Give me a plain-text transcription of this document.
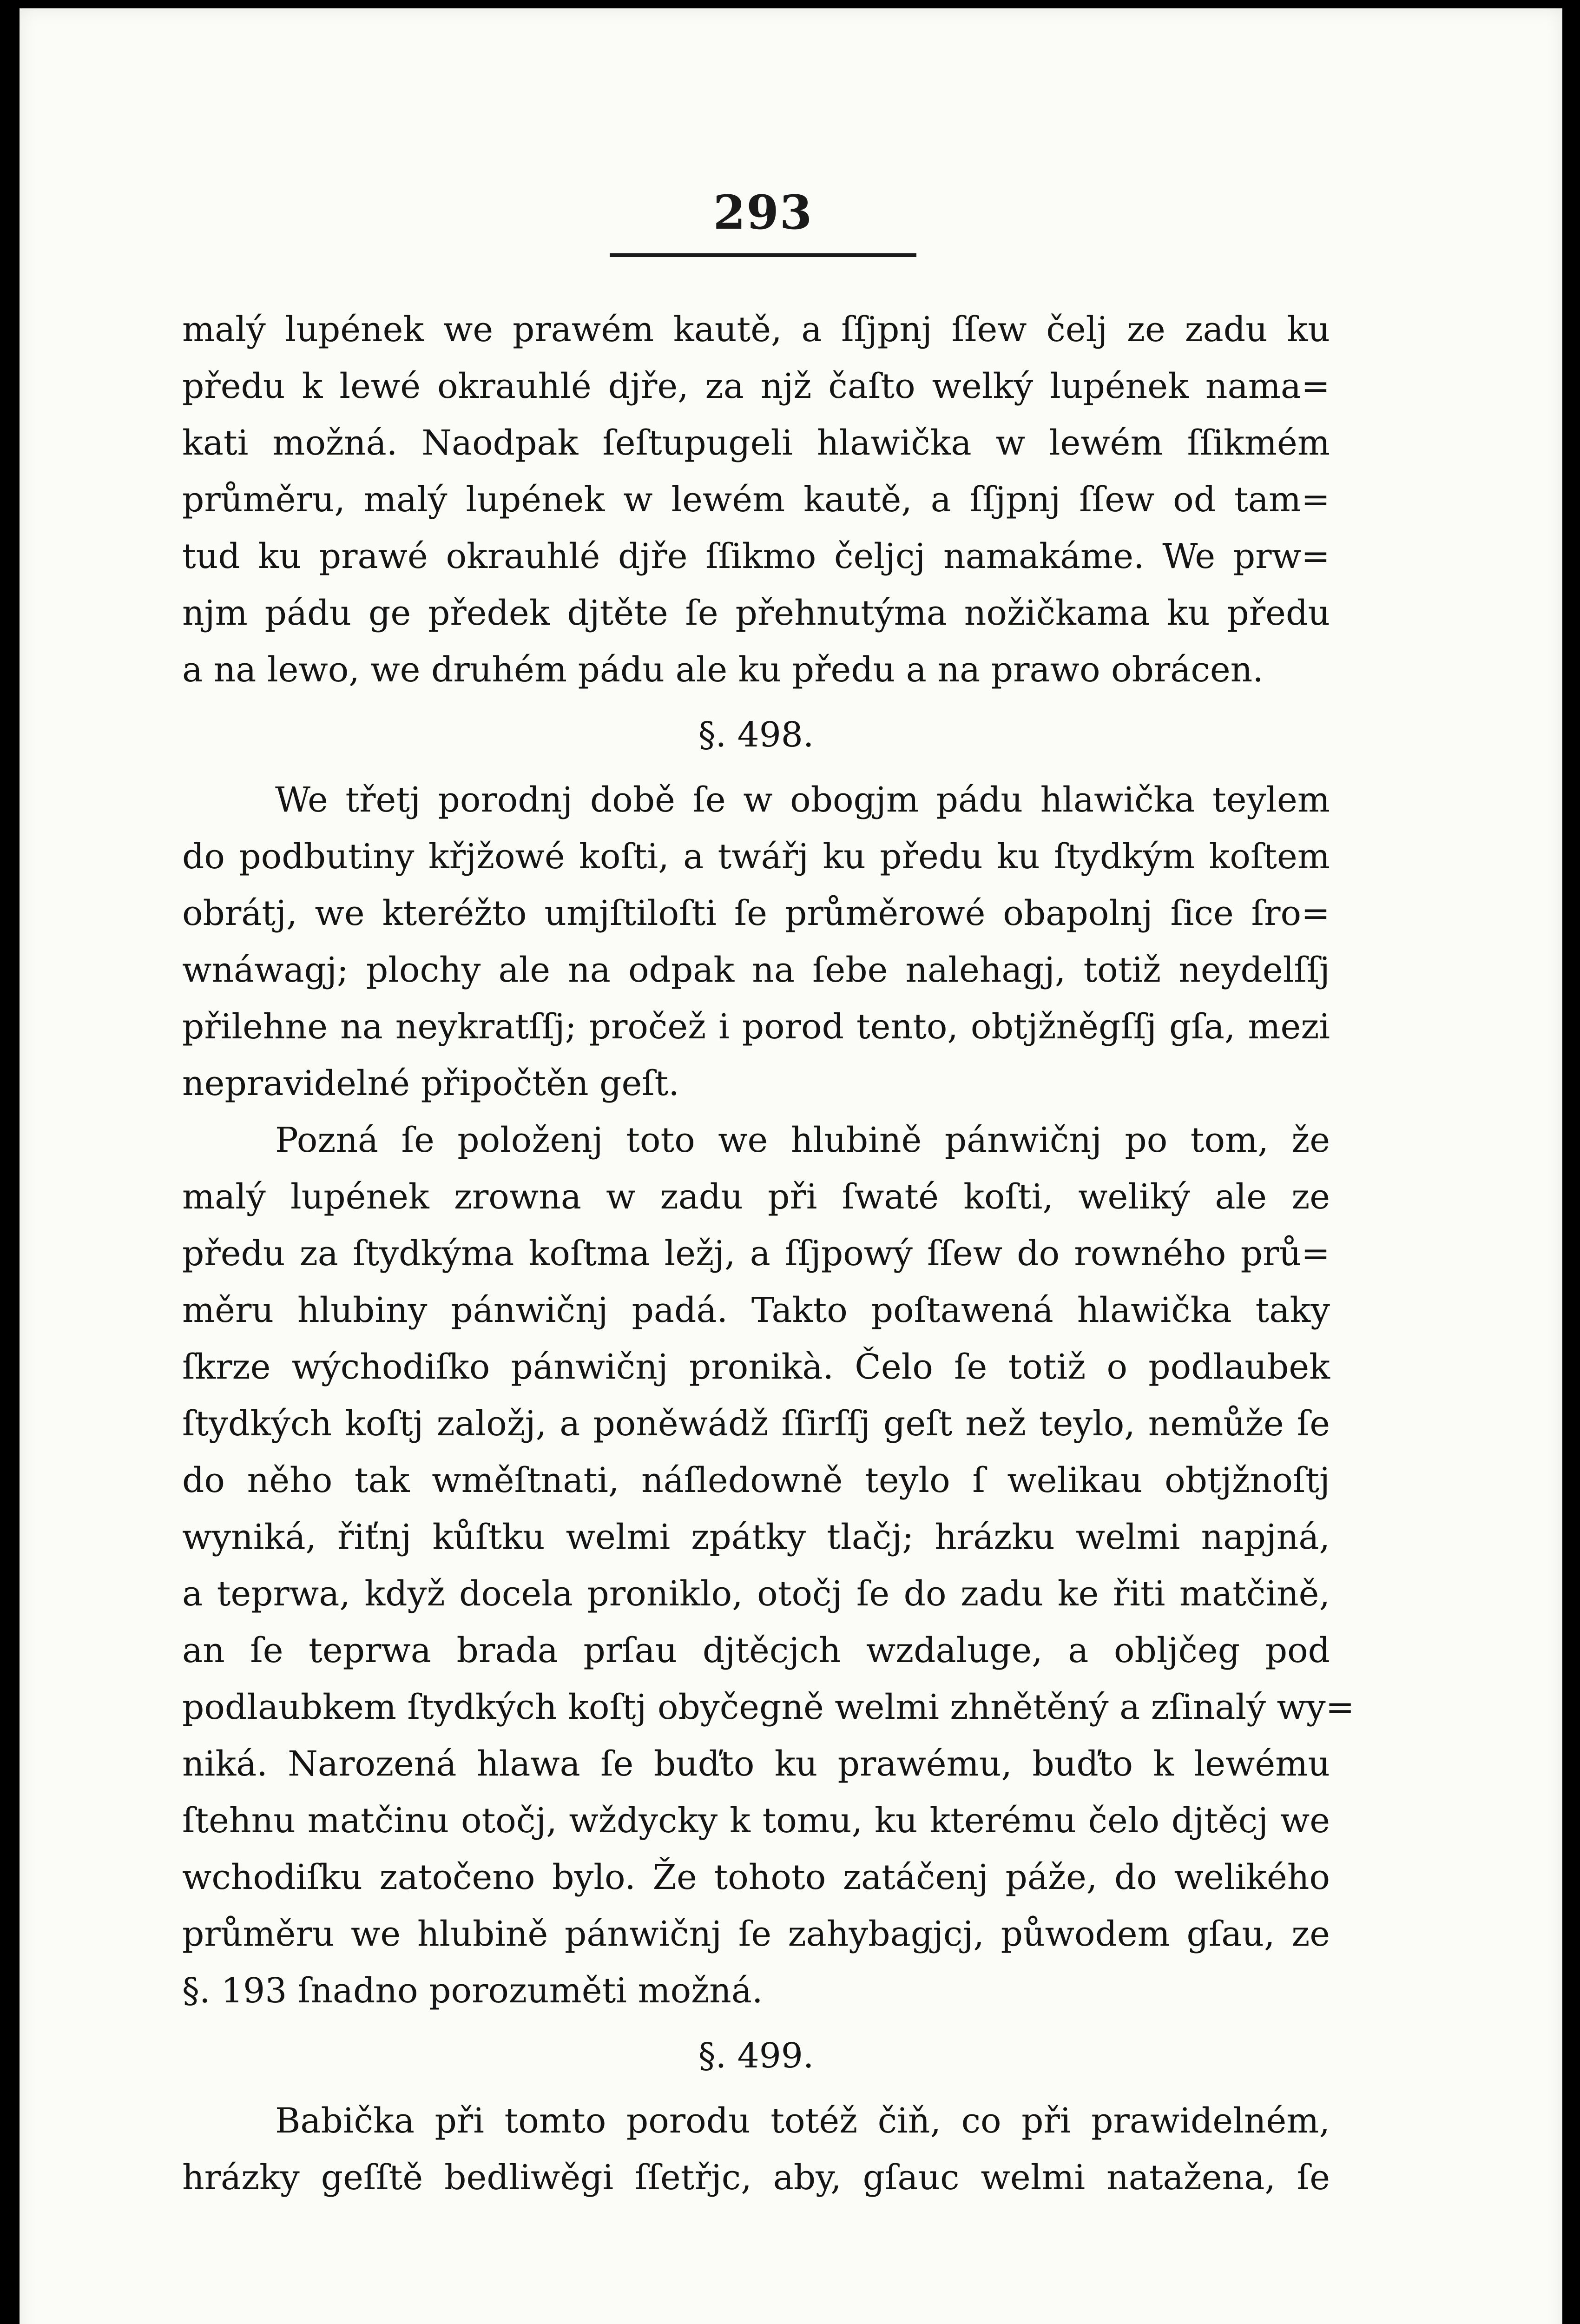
293
malý lupének we prawém kautě, a ſſjpnj ſſew čelj ze zadu ku
předu k lewé okrauhlé djře, za njž čaſto welký lupének nama=
kati možná. Naodpak ſeſtupugeli hlawička w lewém ſſikmém
průměru, malý lupének w lewém kautě, a ſſjpnj ſſew od tam=
tud ku prawé okrauhlé djře ſſikmo čeljcj namakáme. We prw=
njm pádu ge předek djtěte ſe přehnutýma nožičkama ku předu
a na lewo, we druhém pádu ale ku předu a na prawo obrácen.
§. 498.
We třetj porodnj době ſe w obogjm pádu hlawička teylem
do podbutiny křjžowé koſti, a twářj ku předu ku ſtydkým koſtem
obrátj, we kteréžto umjſtiloſti ſe průměrowé obapolnj ſice ſro=
wnáwagj; plochy ale na odpak na ſebe nalehagj, totiž neydelſſj
přilehne na neykratſſj; pročež i porod tento, obtjžněgſſj gſa, mezi
nepravidelné připočtěn geſt.
Pozná ſe položenj toto we hlubině pánwičnj po tom, že
malý lupének zrowna w zadu při ſwaté koſti, weliký ale ze
předu za ſtydkýma koſtma ležj, a ſſjpowý ſſew do rownéh​o prů=
měru hlubiny pánwičnj padá. Takto poſtawená hlawička taky
ſkrze wýchodiſko pánwičnj pronikà. Čelo ſe totiž o podlaubek
ſtydkých koſtj založj, a poněwádž ſſirſſj geſt než teylo, nemůže ſe
do něho tak wměſtnati, náſledowně teylo ſ welikau obtjžnoſtj
wyniká, řiťnj kůſtku welmi zpátky tlačj; hrázku welmi napjná,
a teprwa, když docela proniklo, otočj ſe do zadu ke řiti matčině,
an ſe teprwa brada prſau djtěcjch wzdaluge, a obljčeg pod
podlaubkem ſtydkých koſtj obyčegně welmi zhnětěný a zſinalý wy=
niká. Narozená hlawa ſe buďto ku prawému, buďto k lewému
ſtehnu matčinu otočj, wždycky k tomu, ku kterému čelo djtěcj we
wchodiſku zatočeno bylo. Že tohoto zatáčenj páže, do welikého
průměru we hlubině pánwičnj ſe zahybagjcj, půwodem gſau, ze
§. 193 ſnadno porozuměti možná.
§. 499.
Babička při tomto porodu totéž čiň, co při prawidelném,
hrázky geſſtě bedliwěgi ſſetřjc, aby, gſauc welmi natažena, ſe
